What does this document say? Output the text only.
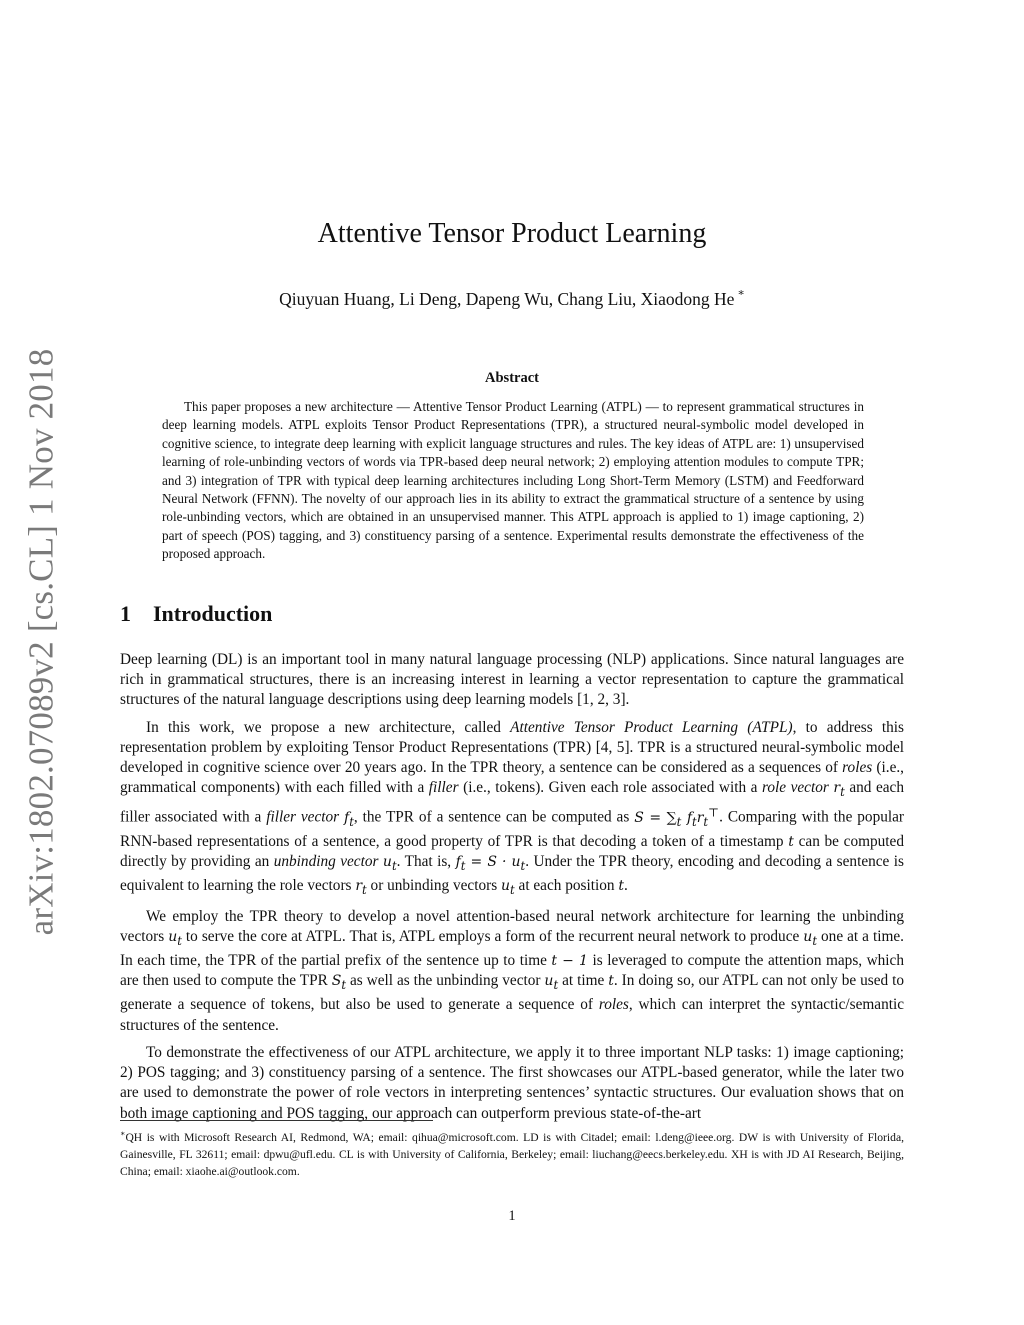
arXiv:1802.07089v2 [cs.CL] 1 Nov 2018
Attentive Tensor Product Learning
Qiuyuan Huang, Li Deng, Dapeng Wu, Chang Liu, Xiaodong He ∗
Abstract
This paper proposes a new architecture — Attentive Tensor Product Learning (ATPL) — to represent grammatical structures in deep learning models. ATPL exploits Tensor Product Representations (TPR), a structured neural-symbolic model developed in cognitive science, to integrate deep learning with explicit language structures and rules. The key ideas of ATPL are: 1) unsupervised learning of role-unbinding vectors of words via TPR-based deep neural network; 2) employing attention modules to compute TPR; and 3) integration of TPR with typical deep learning architectures including Long Short-Term Memory (LSTM) and Feedforward Neural Network (FFNN). The novelty of our approach lies in its ability to extract the grammatical structure of a sentence by using role-unbinding vectors, which are obtained in an unsupervised manner. This ATPL approach is applied to 1) image captioning, 2) part of speech (POS) tagging, and 3) constituency parsing of a sentence. Experimental results demonstrate the effectiveness of the proposed approach.
1 Introduction

Deep learning (DL) is an important tool in many natural language processing (NLP) applications. Since natural languages are rich in grammatical structures, there is an increasing interest in learning a vector representation to capture the grammatical structures of the natural language descriptions using deep learning models [1, 2, 3].

In this work, we propose a new architecture, called Attentive Tensor Product Learning (ATPL), to address this representation problem by exploiting Tensor Product Representations (TPR) [4, 5]. TPR is a structured neural-symbolic model developed in cognitive science over 20 years ago. In the TPR theory, a sentence can be considered as a sequences of roles (i.e., grammatical components) with each filled with a filler (i.e., tokens). Given each role associated with a role vector $r_t$ and each filler associated with a filler vector $f_t$, the TPR of a sentence can be computed as $S = \sum_t$ $f_tr_t^⊤$. Comparing with the popular RNN-based representations of a sentence, a good property of TPR is that decoding a token of a timestamp t can be computed directly by providing an unbinding vector $u_t$. That is, $f_t = S \cdot u_t$. Under the TPR theory, encoding and decoding a sentence is equivalent to learning the role vectors $r_t$ or unbinding vectors $u_t$ at each position t.

We employ the TPR theory to develop a novel attention-based neural network architecture for learning the unbinding vectors $u_t$ to serve the core at ATPL. That is, ATPL employs a form of the recurrent neural network to produce $u_t$ one at a time. In each time, the TPR of the partial prefix of the sentence up to time t − 1 is leveraged to compute the attention maps, which are then used to compute the TPR $S_t$ as well as the unbinding vector $u_t$ at time t. In doing so, our ATPL can not only be used to generate a sequence of tokens, but also be used to generate a sequence of roles, which can interpret the syntactic/semantic structures of the sentence.

To demonstrate the effectiveness of our ATPL architecture, we apply it to three important NLP tasks: 1) image captioning; 2) POS tagging; and 3) constituency parsing of a sentence. The first showcases our ATPL-based generator, while the later two are used to demonstrate the power of role vectors in interpreting sentences’ syntactic structures. Our evaluation shows that on both image captioning and POS tagging, our approach can outperform previous state-of-the-art

∗QH is with Microsoft Research AI, Redmond, WA; email: qihua@microsoft.com. LD is with Citadel; email: l.deng@ieee.org. DW is with University of Florida, Gainesville, FL 32611; email: dpwu@ufl.edu. CL is with University of California, Berkeley; email: liuchang@eecs.berkeley.edu. XH is with JD AI Research, Beijing, China; email: xiaohe.ai@outlook.com.
1
